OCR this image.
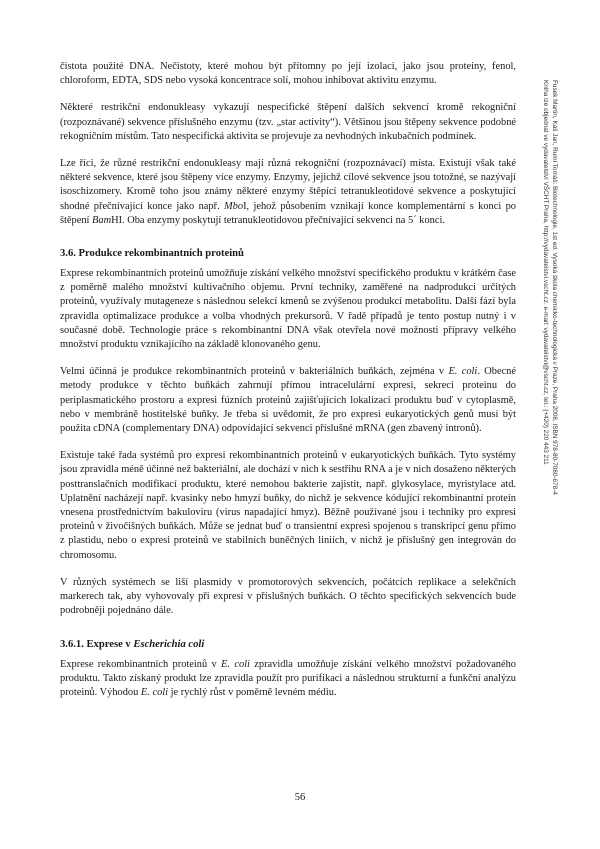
čistota použité DNA. Nečistoty, které mohou být přítomny po její izolaci, jako jsou proteiny, fenol, chloroform, EDTA, SDS nebo vysoká koncentrace solí, mohou inhibovat aktivitu enzymu.

Některé restrikční endonukleasy vykazují nespecifické štěpení dalších sekvencí kromě rekogniční (rozpoznávané) sekvence příslušného enzymu (tzv. „star activity“). Většinou jsou štěpeny sekvence podobné rekogničním místům. Tato nespecifická aktivita se projevuje za nevhodných inkubačních podmínek.

Lze říci, že různé restrikční endonukleasy mají různá rekogniční (rozpoznávací) místa. Existují však také některé sekvence, které jsou štěpeny více enzymy. Enzymy, jejichž cílové sekvence jsou totožné, se nazývají isoschizomery. Kromě toho jsou známy některé enzymy štěpící tetranukleotidové sekvence a poskytující shodné přečnívající konce jako např. MboI, jehož působením vznikají konce komplementární s konci po štěpení BamHI. Oba enzymy poskytují tetranukleotidovou přečnívající sekvenci na 5´ konci.

3.6. Produkce rekombinantních proteinů

Exprese rekombinantních proteinů umožňuje získání velkého množství specifického produktu v krátkém čase z poměrně malého množství kultivačního objemu. První techniky, zaměřené na nadprodukci určitých proteinů, využívaly mutageneze s následnou selekcí kmenů se zvýšenou produkcí metabolitu. Další fází byla zpravidla optimalizace produkce a volba vhodných prekursorů. V řadě případů je tento postup nutný i v současné době. Technologie práce s rekombinantní DNA však otevřela nové možnosti přípravy velkého množství produktu vznikajícího na základě klonovaného genu.

Velmi účinná je produkce rekombinantních proteinů v bakteriálních buňkách, zejména v E. coli. Obecné metody produkce v těchto buňkách zahrnují přímou intracelulární expresi, sekreci proteinu do periplasmatického prostoru a expresi fúzních proteinů zajišťujících lokalizaci produktu buď v cytoplasmě, nebo v membráně hostitelské buňky. Je třeba si uvědomit, že pro expresi eukaryotických genů musí být použita cDNA (complementary DNA) odpovídající sekvenci příslušné mRNA (gen zbavený intronů).

Existuje také řada systémů pro expresi rekombinantních proteinů v eukaryotických buňkách. Tyto systémy jsou zpravidla méně účinné než bakteriální, ale dochází v nich k sestřihu RNA a je v nich dosaženo některých posttranslačních modifikací produktu, které nemohou bakterie zajistit, např. glykosylace, myristylace atd. Uplatnění nacházejí např. kvasinky nebo hmyzí buňky, do nichž je sekvence kódující rekombinantní protein vnesena prostřednictvím bakuloviru (virus napadající hmyz). Běžně používané jsou i techniky pro expresi proteinů v živočišných buňkách. Může se jednat buď o transientní expresi spojenou s transkripcí genu přímo z plastidu, nebo o expresi proteinů ve stabilních buněčných liniích, v nichž je příslušný gen integrován do chromosomu.

V různých systémech se liší plasmidy v promotorových sekvencích, počátcích replikace a selekčních markerech tak, aby vyhovovaly při expresi v příslušných buňkách. O těchto specifických sekvencích bude podrobněji pojednáno dále.

3.6.1. Exprese v Escherichia coli

Exprese rekombinantních proteinů v E. coli zpravidla umožňuje získání velkého množství požadovaného produktu. Takto získaný produkt lze zpravidla použít pro purifikaci a následnou strukturní a funkční analýzu proteinů. Výhodou E. coli je rychlý růst v poměrně levném médiu.

Fusek Martin, Káš Jan, Ruml Tomáš: Biotechnologie, 1st ed. Vysoká škola chemicko-technologická v Praze, Praha 2008, ISBN 978-80-7080-678-4
Kniha lze objednat ve vydavatelství VŠCHT Praha, http://vydavatelstvi.vscht.cz, e-mail: vydavatelstvi@vscht.cz, tel.: (+420) 220 443 211
56
